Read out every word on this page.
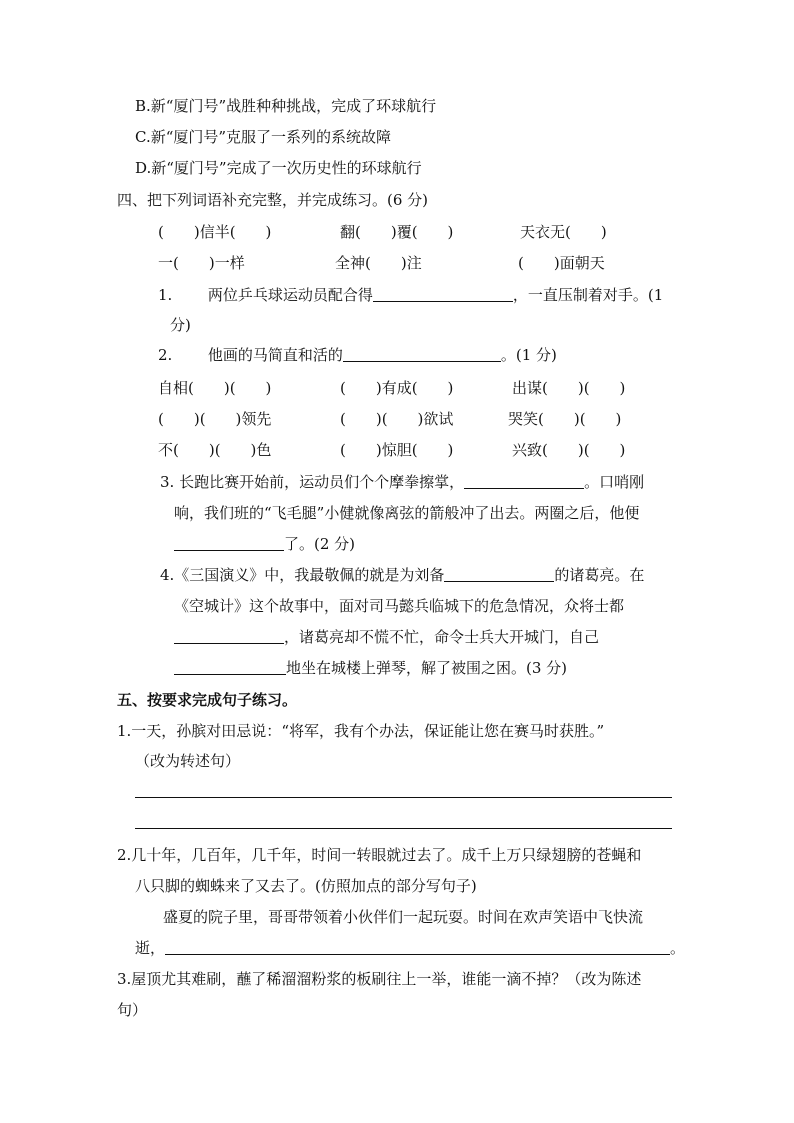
B.新“厦门号”战胜种种挑战，完成了环球航行
C.新“厦门号”克服了一系列的系统故障
D.新“厦门号”完成了一次历史性的环球航行
四、把下列词语补充完整，并完成练习。(6 分)
(　　)信半(　　)	翻(　　)覆(　　)	天衣无(　　)
一(　　)一样	全神(　　)注	(　　)面朝天
1. 两位乒乓球运动员配合得	，一直压制着对手。(1
分)
2. 他画的马简直和活的	。(1 分)
自相(　　)(　　)	(　　)有成(　　)	出谋(　　)(　　)
(　　)(　　)领先	(　　)(　　)欲试	哭笑(　　)(　　)
不(　　)(　　)色	(　　)惊胆(　　)	兴致(　　)(　　)
3. 长跑比赛开始前，运动员们个个摩拳擦掌，	。口哨刚
响，我们班的“飞毛腿”小健就像离弦的箭般冲了出去。两圈之后，他便
了。(2 分)
4.《三国演义》中，我最敬佩的就是为刘备	的诸葛亮。在
《空城计》这个故事中，面对司马懿兵临城下的危急情况，众将士都
，诸葛亮却不慌不忙，命令士兵大开城门，自己
地坐在城楼上弹琴，解了被围之困。(3 分)
五、按要求完成句子练习。
1.一天，孙膑对田忌说：“将军，我有个办法，保证能让您在赛马时获胜。”
（改为转述句）
2.几十年，几百年，几千年，时间一转眼就过去了。成千上万只绿翅膀的苍蝇和
八只脚的蜘蛛来了又去了。(仿照加点的部分写句子)
盛夏的院子里，哥哥带领着小伙伴们一起玩耍。时间在欢声笑语中飞快流
逝，	。
3.屋顶尤其难刷，蘸了稀溜溜粉浆的板刷往上一举，谁能一滴不掉？（改为陈述
句）
